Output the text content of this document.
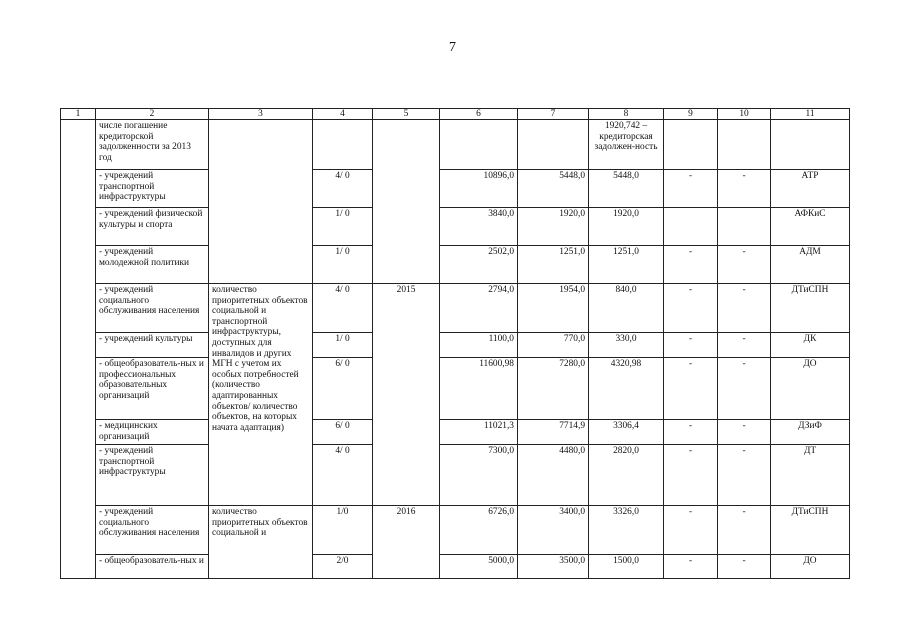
7
1	2	3	4	5	6	7	8	9	10	11
	числе погашение кредиторской задолженности за 2013 год						1920,742 – кредиторская задолжен-ность			
	- учреждений транспортной инфраструктуры		4/ 0		10896,0	5448,0	5448,0	-	-	АТР
	- учреждений физической культуры и спорта		1/ 0		3840,0	1920,0	1920,0			АФКиС
	- учреждений молодежной политики		1/ 0		2502,0	1251,0	1251,0	-	-	АДМ
	- учреждений социального обслуживания населения	количество приоритетных объектов социальной и транспортной инфраструктуры, доступных для инвалидов и других МГН с учетом их особых потребностей (количество адаптированных объектов/ количество объектов, на которых начата адаптация)	4/ 0	2015	2794,0	1954,0	840,0	-	-	ДТиСПН
	- учреждений культуры		1/ 0		1100,0	770,0	330,0	-	-	ДК
	- общеобразователь-ных и профессиональных образовательных организаций		6/ 0		11600,98	7280,0	4320,98	-	-	ДО
	- медицинских организаций		6/ 0		11021,3	7714,9	3306,4	-	-	ДЗиФ
	- учреждений транспортной инфраструктуры		4/ 0		7300,0	4480,0	2820,0	-	-	ДТ
	- учреждений социального обслуживания населения	количество приоритетных объектов социальной и	1/0	2016	6726,0	3400,0	3326,0	-	-	ДТиСПН
	- общеобразователь-ных и		2/0		5000,0	3500,0	1500,0	-	-	ДО
